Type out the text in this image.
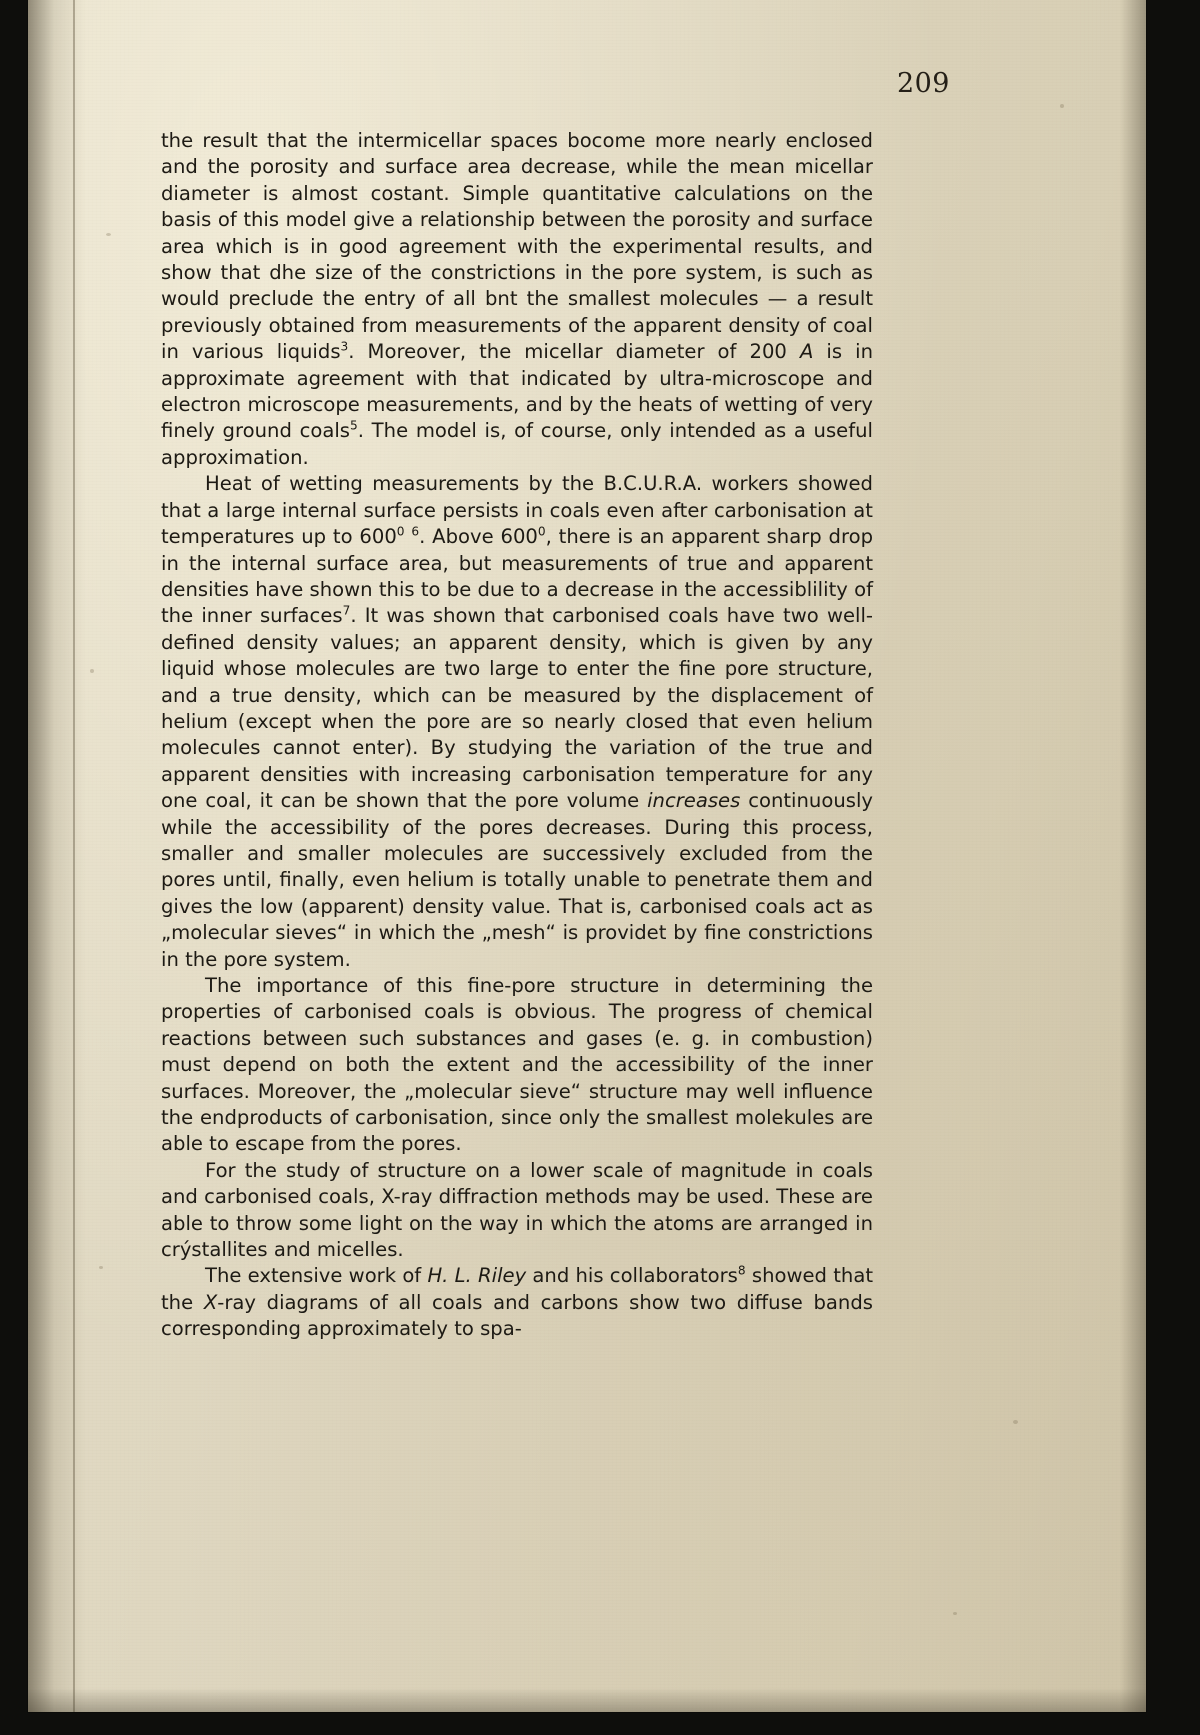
209

the result that the intermicellar spaces bocome more nearly enclosed and the porosity and surface area decrease, while the mean micellar diameter is almost costant. Simple quantitative calculations on the basis of this model give a relationship between the porosity and surface area which is in good agreement with the experimental results, and show that dhe size of the constrictions in the pore system, is such as would preclude the entry of all bnt the smallest molecules — a result previously obtained from measurements of the apparent density of coal in various liquids$^3$. Moreover, the micellar diameter of 200 A is in approximate agreement with that indicated by ultra-microscope and electron microscope measurements, and by the heats of wetting of very finely ground coals$^5$. The model is, of course, only intended as a useful approximation.

Heat of wetting measurements by the B.C.U.R.A. workers showed that a large internal surface persists in coals even after carbonisation at temperatures up to $600^0$ $^6$. Above $600^0$, there is an apparent sharp drop in the internal surface area, but measurements of true and apparent densities have shown this to be due to a decrease in the accessiblility of the inner surfaces$^7$. It was shown that carbonised coals have two well-defined density values; an apparent density, which is given by any liquid whose molecules are two large to enter the fine pore structure, and a true density, which can be measured by the displacement of helium (except when the pore are so nearly closed that even helium molecules cannot enter). By studying the variation of the true and apparent densities with increasing carbonisation temperature for any one coal, it can be shown that the pore volume increases continuously while the accessibility of the pores decreases. During this process, smaller and smaller molecules are successively excluded from the pores until, finally, even helium is totally unable to penetrate them and gives the low (apparent) density value. That is, carbonised coals act as „molecular sieves“ in which the „mesh“ is providet by fine constrictions in the pore system.

The importance of this fine-pore structure in determining the properties of carbonised coals is obvious. The progress of chemical reactions between such substances and gases (e. g. in combustion) must depend on both the extent and the accessibility of the inner surfaces. Moreover, the „molecular sieve“ structure may well influence the endproducts of carbonisation, since only the smallest molekules are able to escape from the pores.

For the study of structure on a lower scale of magnitude in coals and carbonised coals, X-ray diffraction methods may be used. These are able to throw some light on the way in which the atoms are arranged in crýstallites and micelles.

The extensive work of H. L. Riley and his collaborators$^8$ showed that the X-ray diagrams of all coals and carbons show two diffuse bands corresponding approximately to spa-
